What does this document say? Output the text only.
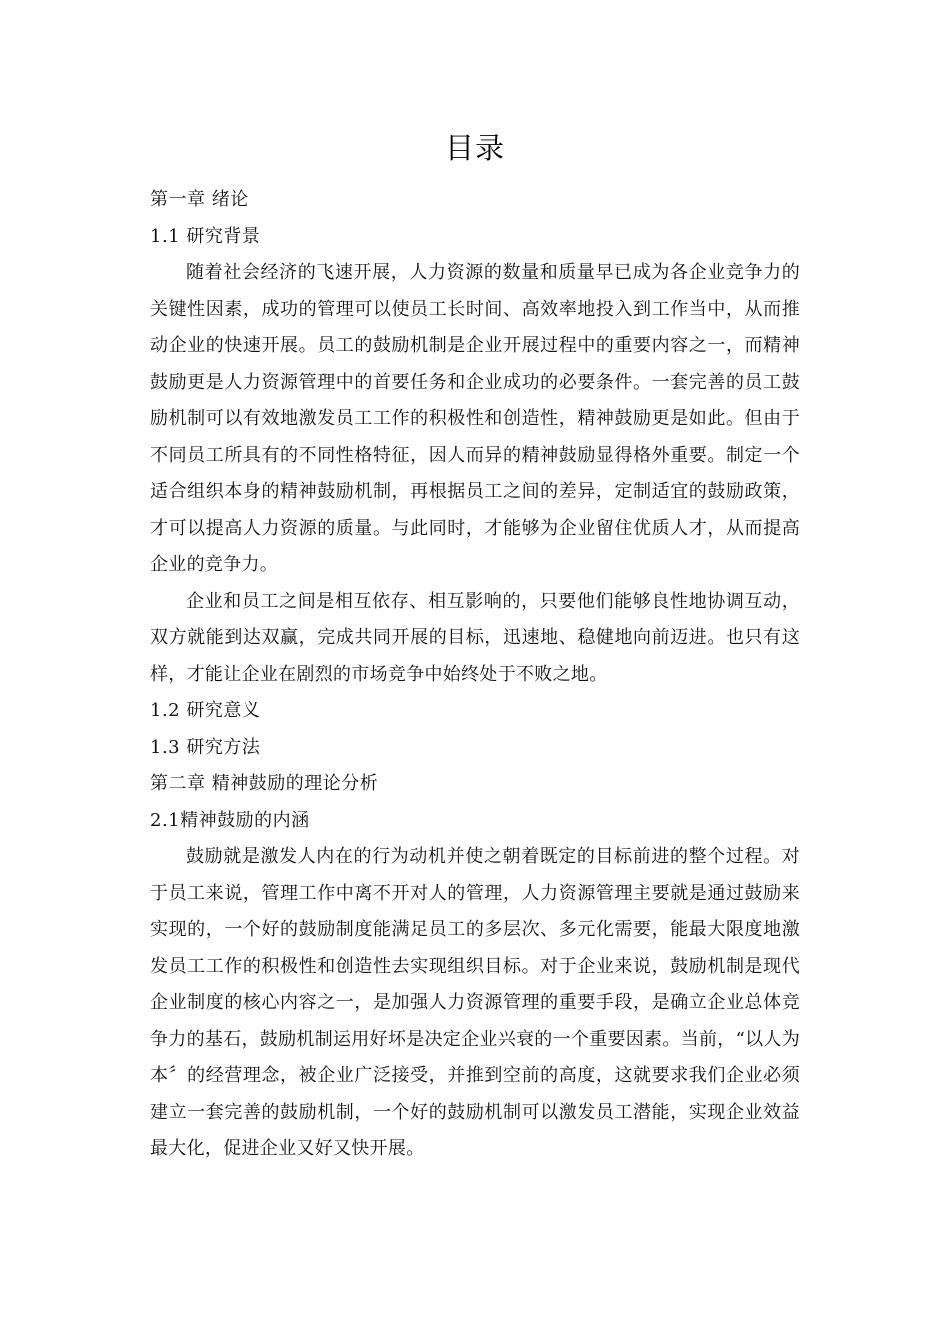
目录

第一章 绪论

1.1 研究背景

随着社会经济的飞速开展，人力资源的数量和质量早已成为各企业竞争力的关键性因素，成功的管理可以使员工长时间、高效率地投入到工作当中，从而推动企业的快速开展。员工的鼓励机制是企业开展过程中的重要内容之一，而精神鼓励更是人力资源管理中的首要任务和企业成功的必要条件。一套完善的员工鼓励机制可以有效地激发员工工作的积极性和创造性，精神鼓励更是如此。但由于不同员工所具有的不同性格特征，因人而异的精神鼓励显得格外重要。制定一个适合组织本身的精神鼓励机制，再根据员工之间的差异，定制适宜的鼓励政策，才可以提高人力资源的质量。与此同时，才能够为企业留住优质人才，从而提高企业的竞争力。

企业和员工之间是相互依存、相互影响的，只要他们能够良性地协调互动，双方就能到达双赢，完成共同开展的目标，迅速地、稳健地向前迈进。也只有这样，才能让企业在剧烈的市场竞争中始终处于不败之地。

1.2 研究意义

1.3 研究方法

第二章 精神鼓励的理论分析

2.1精神鼓励的内涵

鼓励就是激发人内在的行为动机并使之朝着既定的目标前进的整个过程。对于员工来说，管理工作中离不开对人的管理，人力资源管理主要就是通过鼓励来实现的，一个好的鼓励制度能满足员工的多层次、多元化需要，能最大限度地激发员工工作的积极性和创造性去实现组织目标。对于企业来说，鼓励机制是现代企业制度的核心内容之一，是加强人力资源管理的重要手段，是确立企业总体竞争力的基石，鼓励机制运用好坏是决定企业兴衰的一个重要因素。当前，“以人为本〞的经营理念，被企业广泛接受，并推到空前的高度，这就要求我们企业必须建立一套完善的鼓励机制，一个好的鼓励机制可以激发员工潜能，实现企业效益最大化，促进企业又好又快开展。
